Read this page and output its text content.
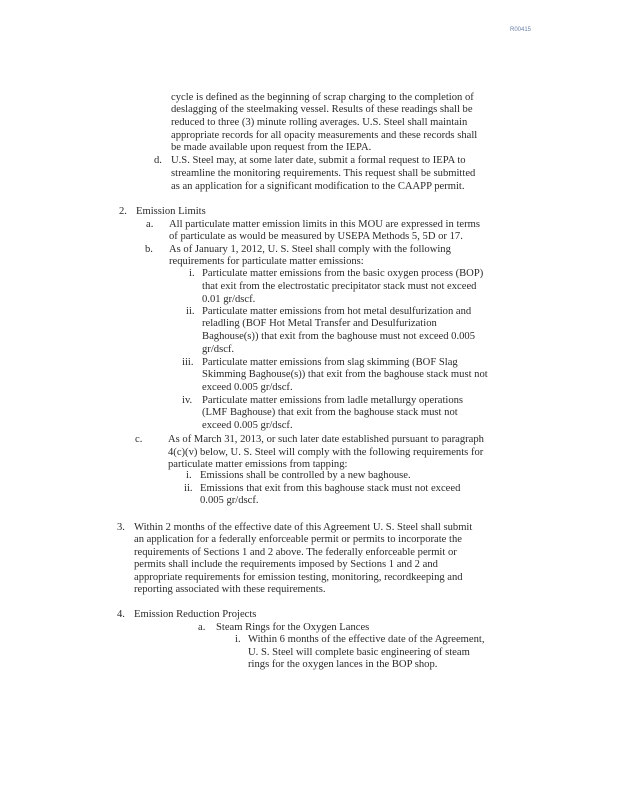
R00415
cycle is defined as the beginning of scrap charging to the completion of
deslagging of the steelmaking vessel. Results of these readings shall be
reduced to three (3) minute rolling averages. U.S. Steel shall maintain
appropriate records for all opacity measurements and these records shall
be made available upon request from the IEPA.
d. U.S. Steel may, at some later date, submit a formal request to IEPA to
streamline the monitoring requirements. This request shall be submitted
as an application for a significant modification to the CAAPP permit.
2. Emission Limits
a. All particulate matter emission limits in this MOU are expressed in terms
of particulate as would be measured by USEPA Methods 5, 5D or 17.
b. As of January 1, 2012, U. S. Steel shall comply with the following
requirements for particulate matter emissions:
i. Particulate matter emissions from the basic oxygen process (BOP)
that exit from the electrostatic precipitator stack must not exceed
0.01 gr/dscf.
ii. Particulate matter emissions from hot metal desulfurization and
reladling (BOF Hot Metal Transfer and Desulfurization
Baghouse(s)) that exit from the baghouse must not exceed 0.005
gr/dscf.
iii. Particulate matter emissions from slag skimming (BOF Slag
Skimming Baghouse(s)) that exit from the baghouse stack must not
exceed 0.005 gr/dscf.
iv. Particulate matter emissions from ladle metallurgy operations
(LMF Baghouse) that exit from the baghouse stack must not
exceed 0.005 gr/dscf.
c. As of March 31, 2013, or such later date established pursuant to paragraph
4(c)(v) below, U. S. Steel will comply with the following requirements for
particulate matter emissions from tapping:
i. Emissions shall be controlled by a new baghouse.
ii. Emissions that exit from this baghouse stack must not exceed
0.005 gr/dscf.
3. Within 2 months of the effective date of this Agreement U. S. Steel shall submit
an application for a federally enforceable permit or permits to incorporate the
requirements of Sections 1 and 2 above. The federally enforceable permit or
permits shall include the requirements imposed by Sections 1 and 2 and
appropriate requirements for emission testing, monitoring, recordkeeping and
reporting associated with these requirements.
4. Emission Reduction Projects
a. Steam Rings for the Oxygen Lances
i. Within 6 months of the effective date of the Agreement,
U. S. Steel will complete basic engineering of steam
rings for the oxygen lances in the BOP shop.
